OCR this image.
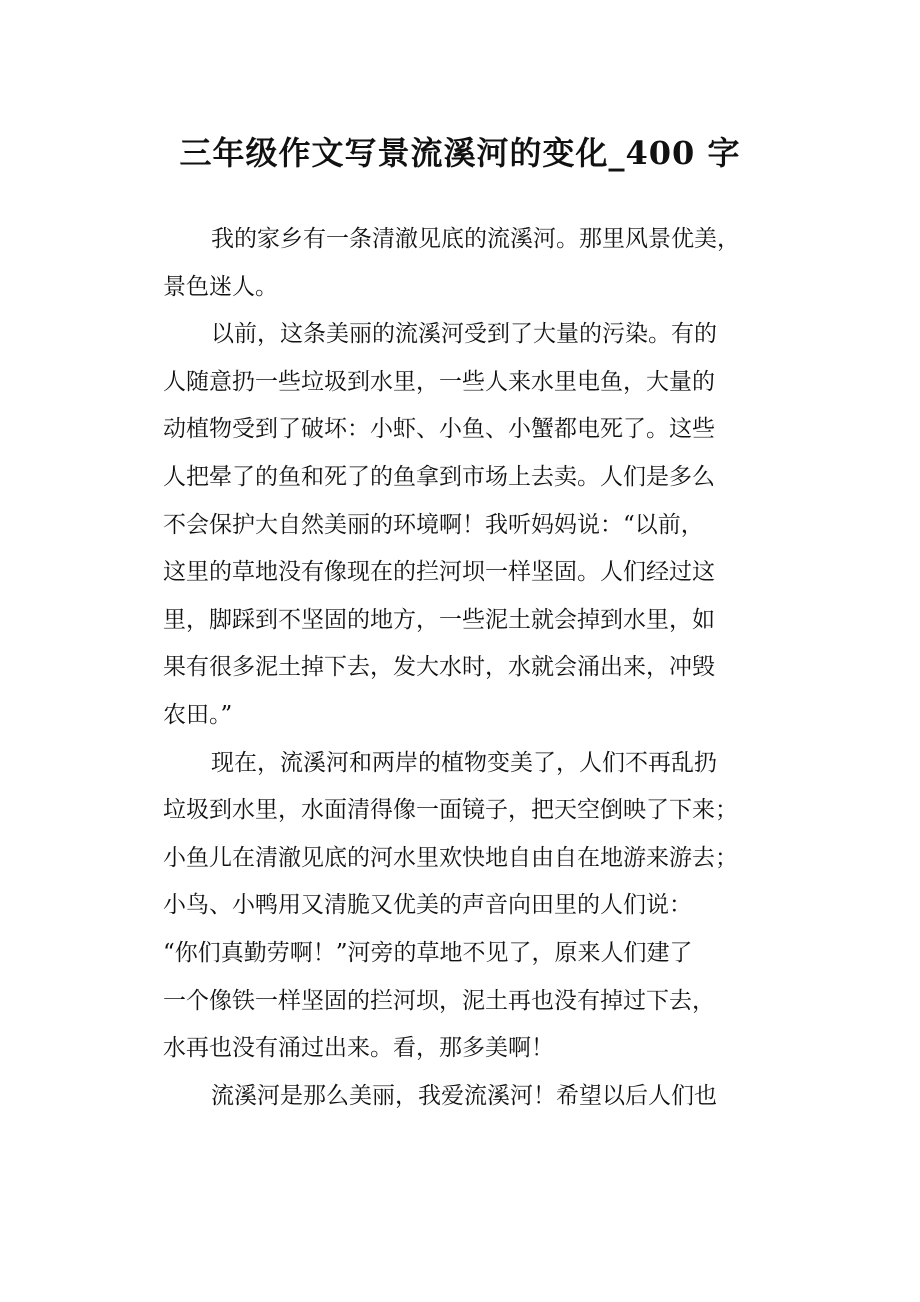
三年级作文写景流溪河的变化_400 字
我的家乡有一条清澈见底的流溪河。那里风景优美，
景色迷人。
以前，这条美丽的流溪河受到了大量的污染。有的
人随意扔一些垃圾到水里，一些人来水里电鱼，大量的
动植物受到了破坏：小虾、小鱼、小蟹都电死了。这些
人把晕了的鱼和死了的鱼拿到市场上去卖。人们是多么
不会保护大自然美丽的环境啊！我听妈妈说：“以前，
这里的草地没有像现在的拦河坝一样坚固。人们经过这
里，脚踩到不坚固的地方，一些泥土就会掉到水里，如
果有很多泥土掉下去，发大水时，水就会涌出来，冲毁
农田。”
现在，流溪河和两岸的植物变美了，人们不再乱扔
垃圾到水里，水面清得像一面镜子，把天空倒映了下来；
小鱼儿在清澈见底的河水里欢快地自由自在地游来游去；
小鸟、小鸭用又清脆又优美的声音向田里的人们说：
“你们真勤劳啊！”河旁的草地不见了，原来人们建了
一个像铁一样坚固的拦河坝，泥土再也没有掉过下去，
水再也没有涌过出来。看，那多美啊！
流溪河是那么美丽，我爱流溪河！希望以后人们也
